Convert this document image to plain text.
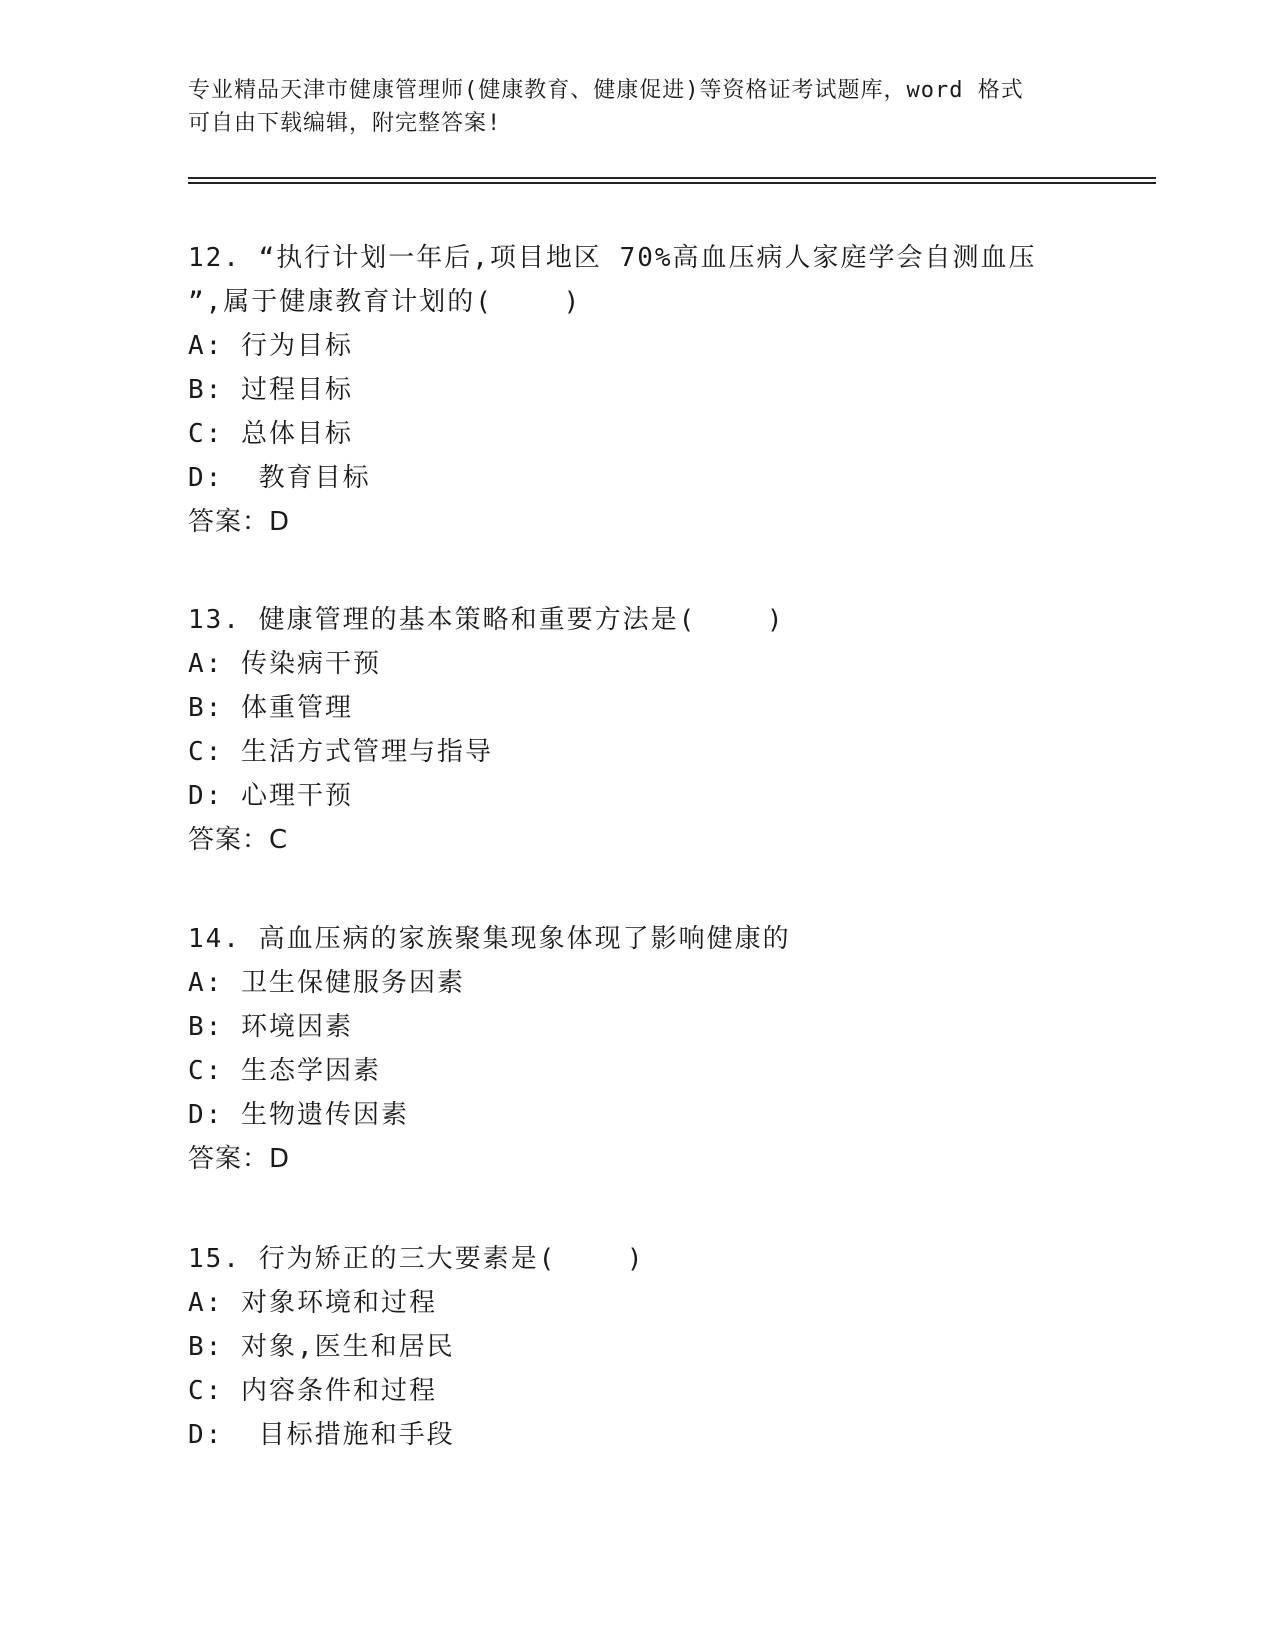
专业精品天津市健康管理师(健康教育、健康促进)等资格证考试题库，word 格式
可自由下载编辑，附完整答案!

12. “执行计划一年后,项目地区 70%高血压病人家庭学会自测血压

”,属于健康教育计划的(    )

A: 行为目标

B: 过程目标

C: 总体目标

D:  教育目标

答案：D

13. 健康管理的基本策略和重要方法是(    )

A: 传染病干预

B: 体重管理

C: 生活方式管理与指导

D: 心理干预

答案：C

14. 高血压病的家族聚集现象体现了影响健康的

A: 卫生保健服务因素

B: 环境因素

C: 生态学因素

D: 生物遗传因素

答案：D

15. 行为矫正的三大要素是(    )

A: 对象环境和过程

B: 对象,医生和居民

C: 内容条件和过程

D:  目标措施和手段
